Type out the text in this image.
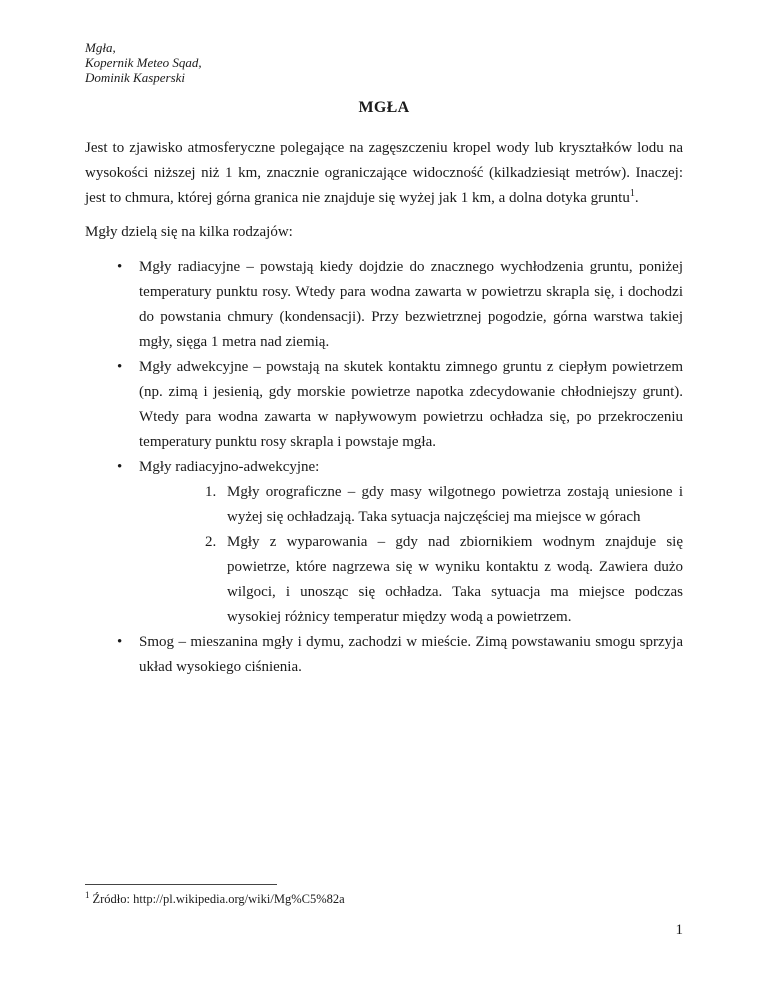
Mgła,
Kopernik Meteo Sqad,
Dominik Kasperski
MGŁA
Jest to zjawisko atmosferyczne polegające na zagęszczeniu kropel wody lub kryształków lodu na wysokości niższej niż 1 km, znacznie ograniczające widoczność (kilkadziesiąt metrów). Inaczej: jest to chmura, której górna granica nie znajduje się wyżej jak 1 km, a dolna dotyka gruntu$^1$.
Mgły dzielą się na kilka rodzajów:
•	Mgły radiacyjne – powstają kiedy dojdzie do znacznego wychłodzenia gruntu, poniżej temperatury punktu rosy. Wtedy para wodna zawarta w powietrzu skrapla się, i dochodzi do powstania chmury (kondensacji). Przy bezwietrznej pogodzie, górna warstwa takiej mgły, sięga 1 metra nad ziemią.
•	Mgły adwekcyjne – powstają na skutek kontaktu zimnego gruntu z ciepłym powietrzem (np. zimą i jesienią, gdy morskie powietrze napotka zdecydowanie chłodniejszy grunt). Wtedy para wodna zawarta w napływowym powietrzu ochładza się, po przekroczeniu temperatury punktu rosy skrapla i powstaje mgła.
•	Mgły radiacyjno-adwekcyjne:
1. Mgły orograficzne – gdy masy wilgotnego powietrza zostają uniesione i wyżej się ochładzają. Taka sytuacja najczęściej ma miejsce w górach
2. Mgły z wyparowania – gdy nad zbiornikiem wodnym znajduje się powietrze, które nagrzewa się w wyniku kontaktu z wodą. Zawiera dużo wilgoci, i unosząc się ochładza. Taka sytuacja ma miejsce podczas wysokiej różnicy temperatur między wodą a powietrzem.
•	Smog – mieszanina mgły i dymu, zachodzi w mieście. Zimą powstawaniu smogu sprzyja układ wysokiego ciśnienia.
$^1$ Źródło: http://pl.wikipedia.org/wiki/Mg%C5%82a
1
